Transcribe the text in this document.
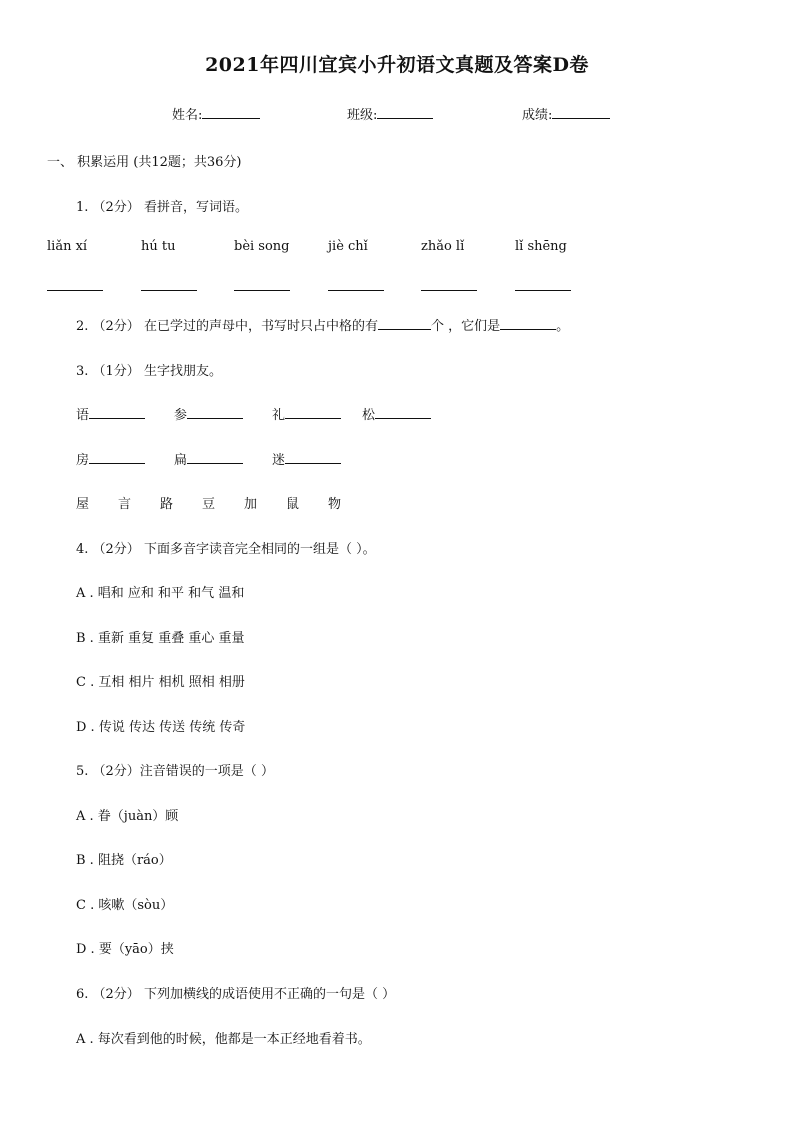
2021年四川宜宾小升初语文真题及答案D卷
姓名:	班级:	成绩:
一、 积累运用 (共12题；共36分)
1. （2分） 看拼音，写词语。
liǎn xí	hú tu	bèi song	jiè chǐ	zhǎo lǐ	lǐ shēng
2. （2分） 在已学过的声母中，书写时只占中格的有	个 ，它们是	。
3. （1分） 生字找朋友。
语	参	礼	松
房	扁	迷
屋 言 路 豆 加 鼠 物
4. （2分） 下面多音字读音完全相同的一组是（ ）。
A . 唱和 应和 和平 和气 温和
B . 重新 重复 重叠 重心 重量
C . 互相 相片 相机 照相 相册
D . 传说 传达 传送 传统 传奇
5. （2分）注音错误的一项是（ ）
A . 眷（juàn）顾
B . 阻挠（ráo）
C . 咳嗽（sòu）
D . 要（yāo）挟
6. （2分） 下列加横线的成语使用不正确的一句是（ ）
A . 每次看到他的时候，他都是一本正经地看着书。
